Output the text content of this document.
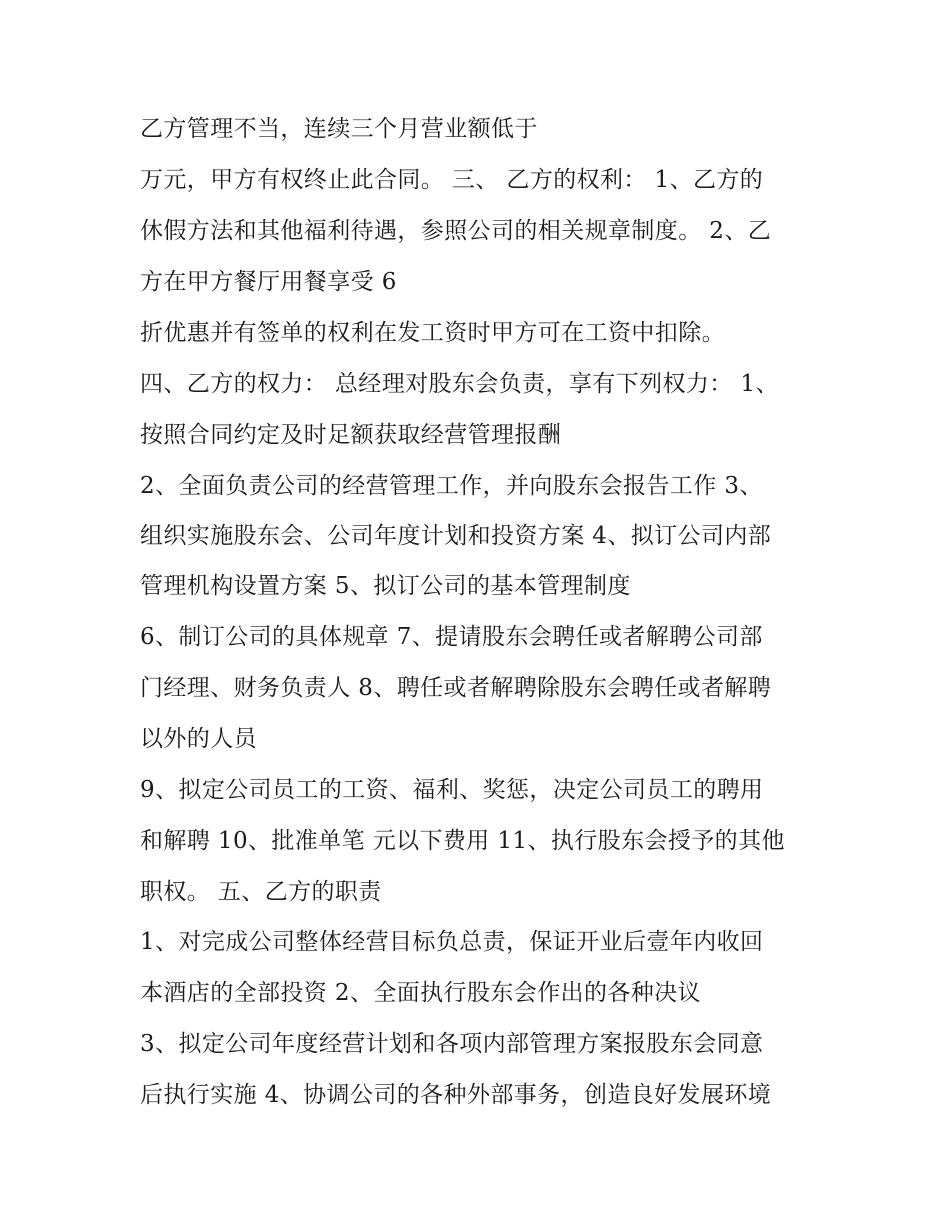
乙方管理不当，连续三个月营业额低于
万元，甲方有权终止此合同。 三、 乙方的权利： 1、乙方的
休假方法和其他福利待遇，参照公司的相关规章制度。 2、乙
方在甲方餐厅用餐享受 6
折优惠并有签单的权利在发工资时甲方可在工资中扣除。
四、乙方的权力： 总经理对股东会负责，享有下列权力： 1、
按照合同约定及时足额获取经营管理报酬
2、全面负责公司的经营管理工作，并向股东会报告工作 3、
组织实施股东会、公司年度计划和投资方案 4、拟订公司内部
管理机构设置方案 5、拟订公司的基本管理制度
6、制订公司的具体规章 7、提请股东会聘任或者解聘公司部
门经理、财务负责人 8、聘任或者解聘除股东会聘任或者解聘
以外的人员
9、拟定公司员工的工资、福利、奖惩，决定公司员工的聘用
和解聘 10、批准单笔 元以下费用 11、执行股东会授予的其他
职权。 五、乙方的职责
1、对完成公司整体经营目标负总责，保证开业后壹年内收回
本酒店的全部投资 2、全面执行股东会作出的各种决议
3、拟定公司年度经营计划和各项内部管理方案报股东会同意
后执行实施 4、协调公司的各种外部事务，创造良好发展环境
